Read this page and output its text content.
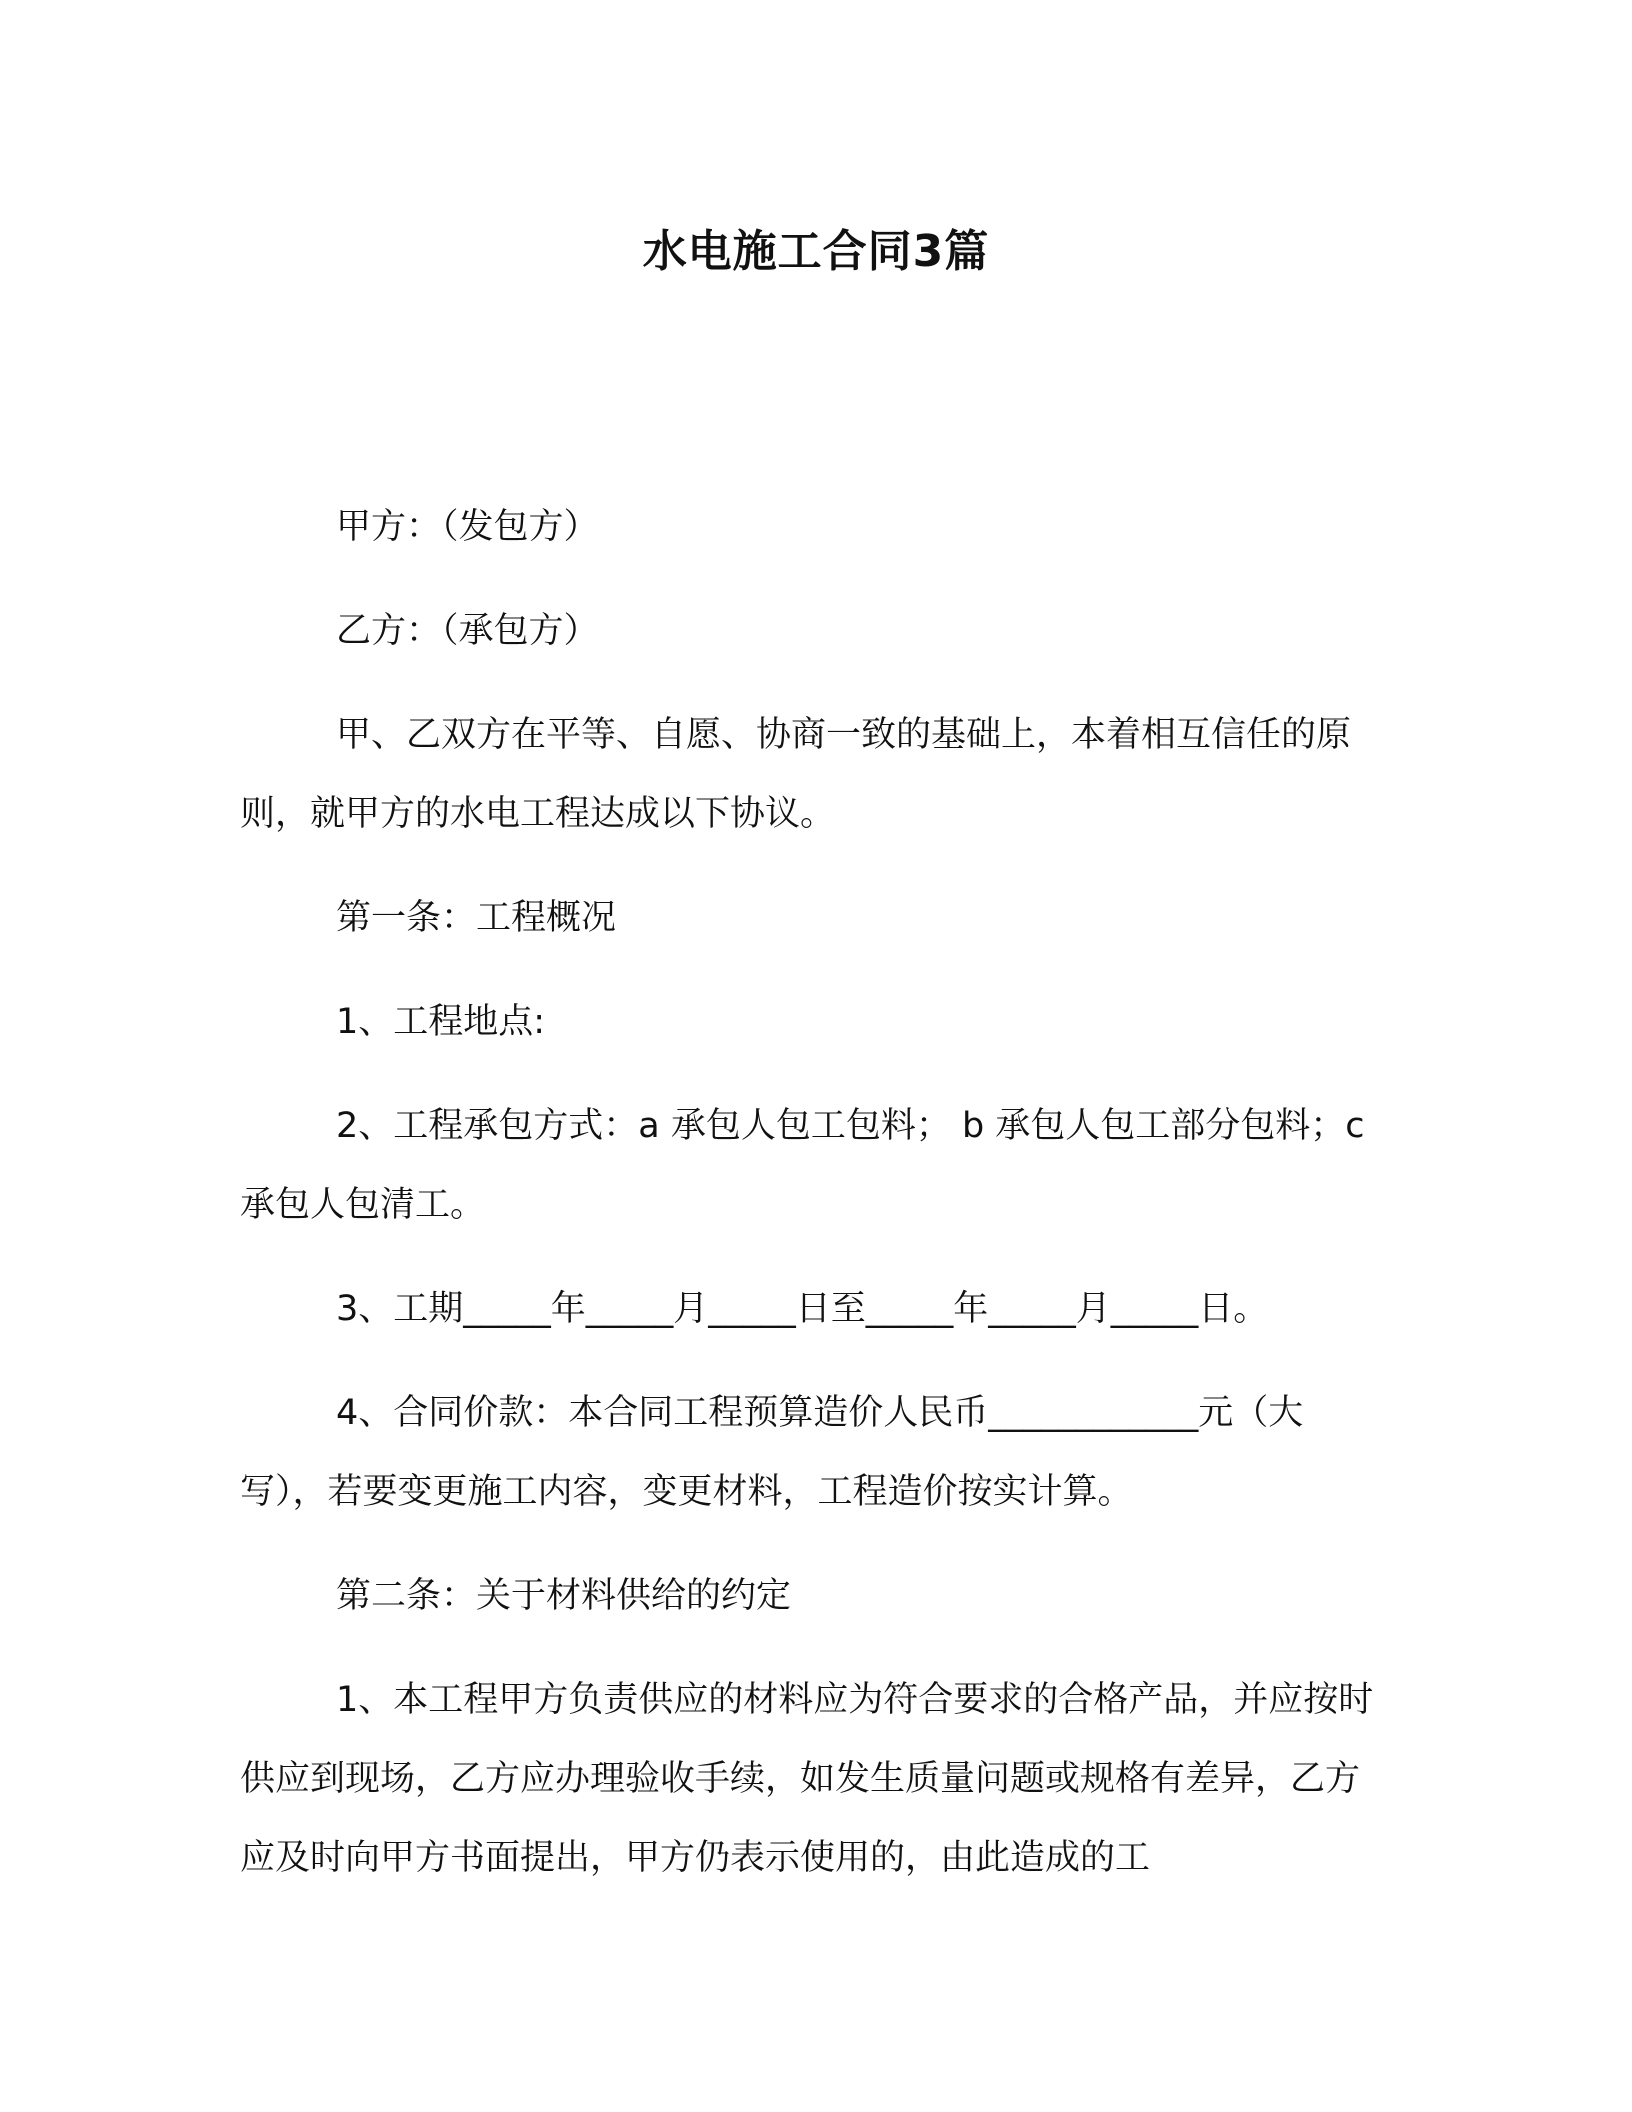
水电施工合同3篇

甲方：（发包方）

乙方：（承包方）

甲、乙双方在平等、自愿、协商一致的基础上，本着相互信任的原则，就甲方的水电工程达成以下协议。

第一条：工程概况

1、工程地点:

2、工程承包方式：a 承包人包工包料； b 承包人包工部分包料；c 承包人包清工。

3、工期_____年_____月_____日至_____年_____月_____日。

4、合同价款：本合同工程预算造价人民币____________元（大写），若要变更施工内容，变更材料，工程造价按实计算。

第二条：关于材料供给的约定

1、本工程甲方负责供应的材料应为符合要求的合格产品，并应按时供应到现场，乙方应办理验收手续，如发生质量问题或规格有差异，乙方应及时向甲方书面提出，甲方仍表示使用的，由此造成的工
